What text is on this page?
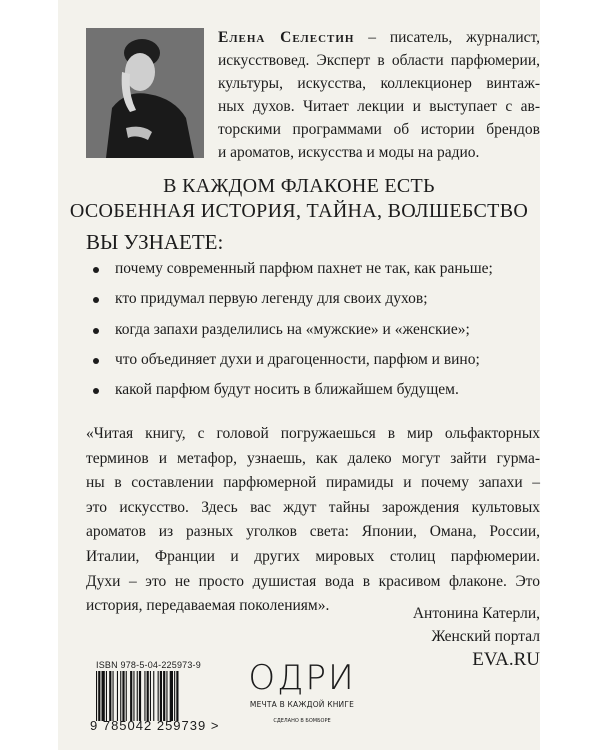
Елена Селестин – писатель, журналист,
искусствовед. Эксперт в области парфюмерии,
культуры, искусства, коллекционер винтаж-
ных духов. Читает лекции и выступает с ав-
торскими программами об истории брендов
и ароматов, искусства и моды на радио.
В КАЖДОМ ФЛАКОНЕ ЕСТЬ
ОСОБЕННАЯ ИСТОРИЯ, ТАЙНА, ВОЛШЕБСТВО
ВЫ УЗНАЕТЕ:
почему современный парфюм пахнет не так, как раньше;
кто придумал первую легенду для своих духов;
когда запахи разделились на «мужские» и «женские»;
что объединяет духи и драгоценности, парфюм и вино;
какой парфюм будут носить в ближайшем будущем.
«Читая книгу, с головой погружаешься в мир ольфакторных
терминов и метафор, узнаешь, как далеко могут зайти гурма-
ны в составлении парфюмерной пирамиды и почему запахи –
это искусство. Здесь вас ждут тайны зарождения культовых
ароматов из разных уголков света: Японии, Омана, России,
Италии, Франции и других мировых столиц парфюмерии.
Духи – это не просто душистая вода в красивом флаконе. Это
история, передаваемая поколениям».	Антонина Катерли,
Женский портал
EVA.RU
ISBN 978-5-04-225973-9
9 785042 259739 >
ОДРИ
МЕЧТА В КАЖДОЙ КНИГЕ
СДЕЛАНО В БОМБОРЕ
